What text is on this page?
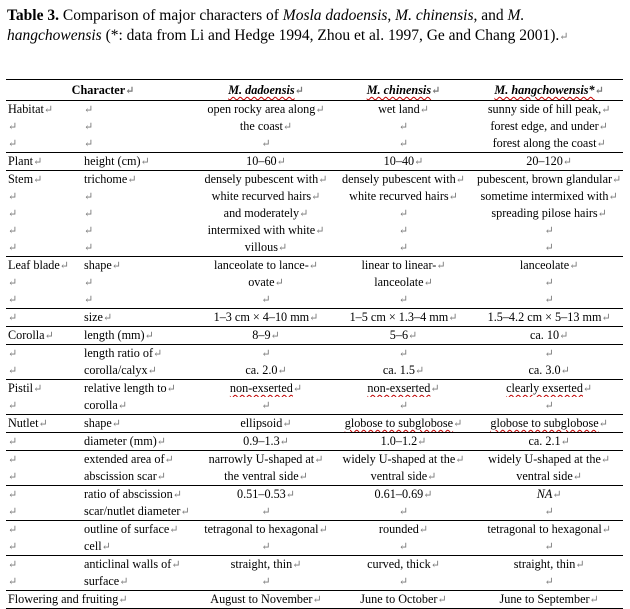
Table 3. Comparison of major characters of Mosla dadoensis, M. chinensis, and M. hangchowensis (*: data from Li and Hedge 1994, Zhou et al. 1997, Ge and Chang 2001).↵
Character↵		M. dadoensis↵	M. chinensis↵	M. hangchowensis*↵
Habitat↵	↵	open rocky area along↵	wet land↵	sunny side of hill peak,↵
↵	↵	the coast↵	↵	forest edge, and under↵
↵	↵	↵	↵	forest along the coast↵
Plant↵	height (cm)↵	10–60↵	10–40↵	20–120↵
Stem↵	trichome↵	densely pubescent with↵	densely pubescent with↵	pubescent, brown glandular↵
↵	↵	white recurved hairs↵	white recurved hairs↵	sometime intermixed with↵
↵	↵	and moderately↵	↵	spreading pilose hairs↵
↵	↵	intermixed with white↵	↵	↵
↵	↵	villous↵	↵	↵
Leaf blade↵	shape↵	lanceolate to lance-↵	linear to linear-↵	lanceolate↵
↵	↵	ovate↵	lanceolate↵	↵
↵	↵	↵	↵	↵
↵	size↵	1–3 cm × 4–10 mm↵	1–5 cm × 1.3–4 mm↵	1.5–4.2 cm × 5–13 mm↵
Corolla↵	length (mm)↵	8–9↵	5–6↵	ca. 10↵
↵	length ratio of↵	↵	↵	↵
↵	corolla/calyx↵	ca. 2.0↵	ca. 1.5↵	ca. 3.0↵
Pistil↵	relative length to↵	non-exserted↵	non-exserted↵	clearly exserted↵
↵	corolla↵	↵	↵	↵
Nutlet↵	shape↵	ellipsoid↵	globose to subglobose↵	globose to subglobose↵
↵	diameter (mm)↵	0.9–1.3↵	1.0–1.2↵	ca. 2.1↵
↵	extended area of↵	narrowly U-shaped at↵	widely U-shaped at the↵	widely U-shaped at the↵
↵	abscission scar↵	the ventral side↵	ventral side↵	ventral side↵
↵	ratio of abscission↵	0.51–0.53↵	0.61–0.69↵	NA↵
↵	scar/nutlet diameter↵	↵	↵	↵
↵	outline of surface↵	tetragonal to hexagonal↵	rounded↵	tetragonal to hexagonal↵
↵	cell↵	↵	↵	↵
↵	anticlinal walls of↵	straight, thin↵	curved, thick↵	straight, thin↵
↵	surface↵	↵	↵	↵
Flowering and fruiting↵		August to November↵	June to October↵	June to September↵
